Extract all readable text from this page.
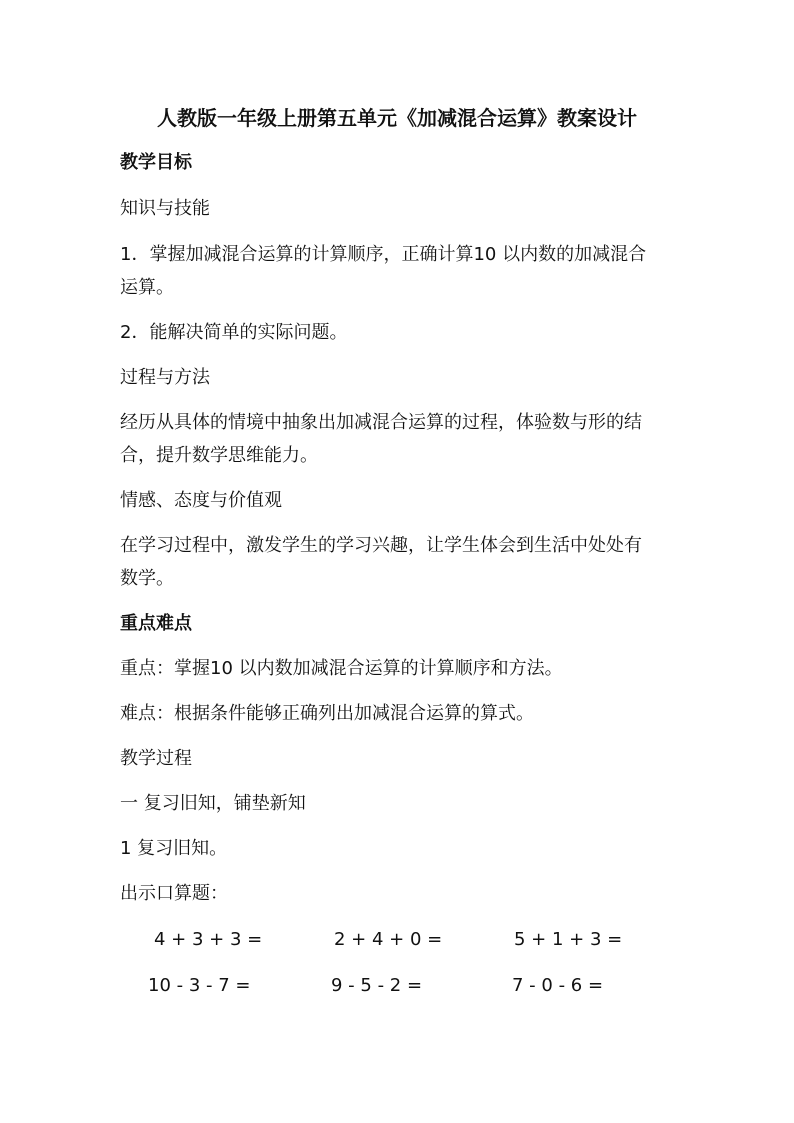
人教版一年级上册第五单元《加减混合运算》教案设计
教学目标
知识与技能
1．掌握加减混合运算的计算顺序，正确计算10 以内数的加减混合
运算。
2．能解决简单的实际问题。
过程与方法
经历从具体的情境中抽象出加减混合运算的过程，体验数与形的结
合，提升数学思维能力。
情感、态度与价值观
在学习过程中，激发学生的学习兴趣，让学生体会到生活中处处有
数学。
重点难点
重点：掌握10 以内数加减混合运算的计算顺序和方法。
难点：根据条件能够正确列出加减混合运算的算式。
教学过程
一 复习旧知，铺垫新知
1 复习旧知。
出示口算题：
4 + 3 + 3 =	2 + 4 + 0 =	5 + 1 + 3 =
10 - 3 - 7 =	9 - 5 - 2 =	7 - 0 - 6 =
